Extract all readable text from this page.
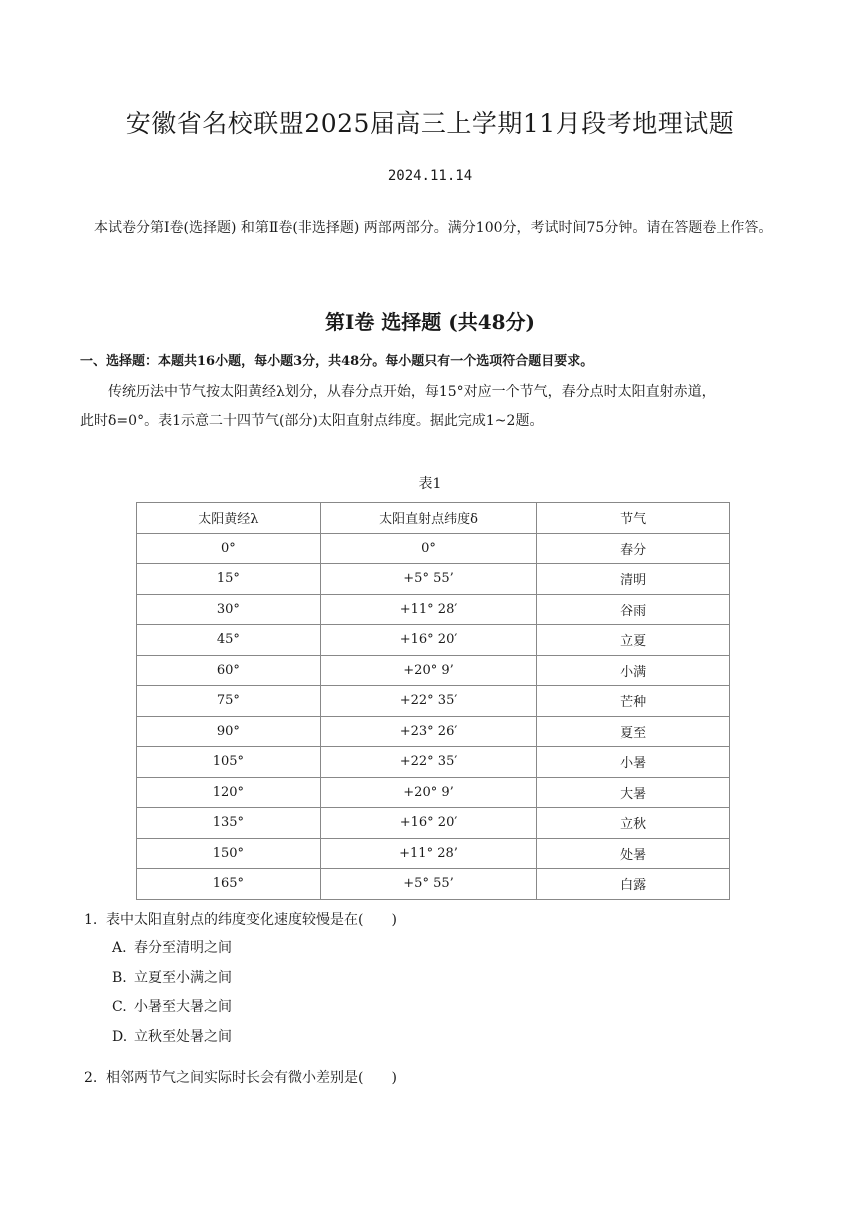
安徽省名校联盟2025届高三上学期11月段考地理试题
2024.11.14

本试卷分第Ⅰ卷(选择题) 和第Ⅱ卷(非选择题) 两部两部分。满分100分，考试时间75分钟。请在答题卷上作答。

第Ⅰ卷 选择题 (共48分)

一、选择题：本题共16小题，每小题3分，共48分。每小题只有一个选项符合题目要求。

传统历法中节气按太阳黄经λ划分，从春分点开始，每15°对应一个节气，春分点时太阳直射赤道，此时δ=0°。表1示意二十四节气(部分)太阳直射点纬度。据此完成1~2题。

表1
太阳黄经λ	太阳直射点纬度δ	节气
0°	0°	春分
15°	+5° 55’	清明
30°	+11° 28′	谷雨
45°	+16° 20′	立夏
60°	+20° 9’	小满
75°	+22° 35′	芒种
90°	+23° 26′	夏至
105°	+22° 35′	小暑
120°	+20° 9’	大暑
135°	+16° 20′	立秋
150°	+11° 28’	处暑
165°	+5° 55’	白露

1. 表中太阳直射点的纬度变化速度较慢是在(　　)

A. 春分至清明之间

B. 立夏至小满之间

C. 小暑至大暑之间

D. 立秋至处暑之间

2. 相邻两节气之间实际时长会有微小差别是(　　)
